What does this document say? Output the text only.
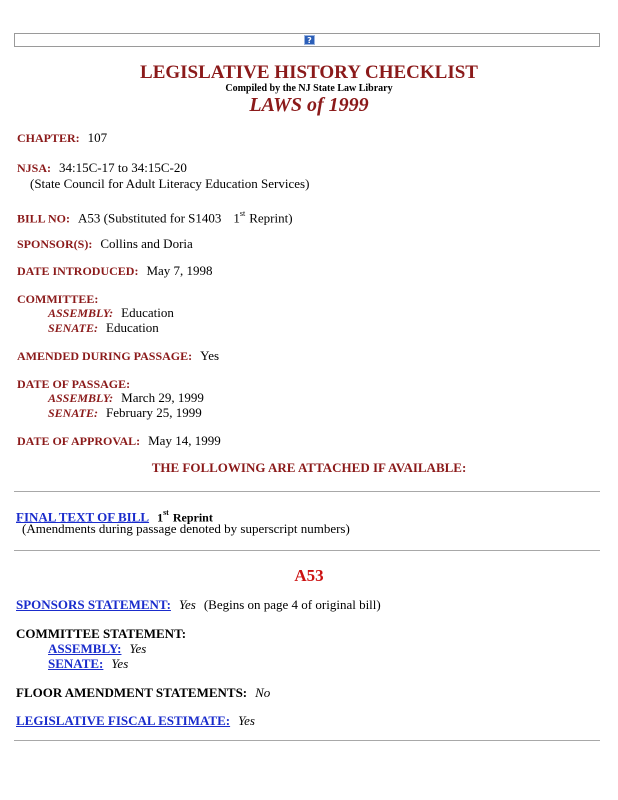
?
LEGISLATIVE HISTORY CHECKLIST
Compiled by the NJ State Law Library
LAWS of 1999
CHAPTER: 107
NJSA: 34:15C-17 to 34:15C-20
(State Council for Adult Literacy Education Services)
BILL NO: A53 (Substituted for S1403 1st Reprint)
SPONSOR(S): Collins and Doria
DATE INTRODUCED: May 7, 1998
COMMITTEE:
ASSEMBLY: Education
SENATE: Education
AMENDED DURING PASSAGE: Yes
DATE OF PASSAGE:
ASSEMBLY: March 29, 1999
SENATE: February 25, 1999
DATE OF APPROVAL: May 14, 1999
THE FOLLOWING ARE ATTACHED IF AVAILABLE:
FINAL TEXT OF BILL 1st Reprint
(Amendments during passage denoted by superscript numbers)
A53
SPONSORS STATEMENT: Yes (Begins on page 4 of original bill)
COMMITTEE STATEMENT:
ASSEMBLY: Yes
SENATE: Yes
FLOOR AMENDMENT STATEMENTS: No
LEGISLATIVE FISCAL ESTIMATE: Yes
